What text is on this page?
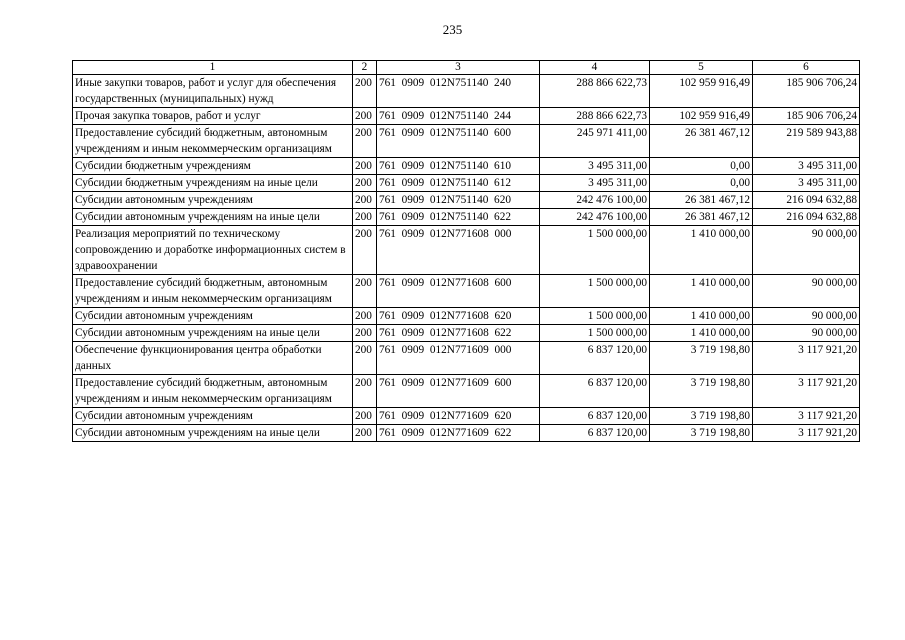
235
1	2	3	4	5	6
Иные закупки товаров, работ и услуг для обеспечения государственных (муниципальных) нужд	200	761  0909  012N751140  240	288 866 622,73	102 959 916,49	185 906 706,24
Прочая закупка товаров, работ и услуг	200	761  0909  012N751140  244	288 866 622,73	102 959 916,49	185 906 706,24
Предоставление субсидий бюджетным, автономным учреждениям и иным некоммерческим организациям	200	761  0909  012N751140  600	245 971 411,00	26 381 467,12	219 589 943,88
Субсидии бюджетным учреждениям	200	761  0909  012N751140  610	3 495 311,00	0,00	3 495 311,00
Субсидии бюджетным учреждениям на иные цели	200	761  0909  012N751140  612	3 495 311,00	0,00	3 495 311,00
Субсидии автономным учреждениям	200	761  0909  012N751140  620	242 476 100,00	26 381 467,12	216 094 632,88
Субсидии автономным учреждениям на иные цели	200	761  0909  012N751140  622	242 476 100,00	26 381 467,12	216 094 632,88
Реализация мероприятий по техническому сопровождению и доработке информационных систем в здравоохранении	200	761  0909  012N771608  000	1 500 000,00	1 410 000,00	90 000,00
Предоставление субсидий бюджетным, автономным учреждениям и иным некоммерческим организациям	200	761  0909  012N771608  600	1 500 000,00	1 410 000,00	90 000,00
Субсидии автономным учреждениям	200	761  0909  012N771608  620	1 500 000,00	1 410 000,00	90 000,00
Субсидии автономным учреждениям на иные цели	200	761  0909  012N771608  622	1 500 000,00	1 410 000,00	90 000,00
Обеспечение функционирования центра обработки данных	200	761  0909  012N771609  000	6 837 120,00	3 719 198,80	3 117 921,20
Предоставление субсидий бюджетным, автономным учреждениям и иным некоммерческим организациям	200	761  0909  012N771609  600	6 837 120,00	3 719 198,80	3 117 921,20
Субсидии автономным учреждениям	200	761  0909  012N771609  620	6 837 120,00	3 719 198,80	3 117 921,20
Субсидии автономным учреждениям на иные цели	200	761  0909  012N771609  622	6 837 120,00	3 719 198,80	3 117 921,20
